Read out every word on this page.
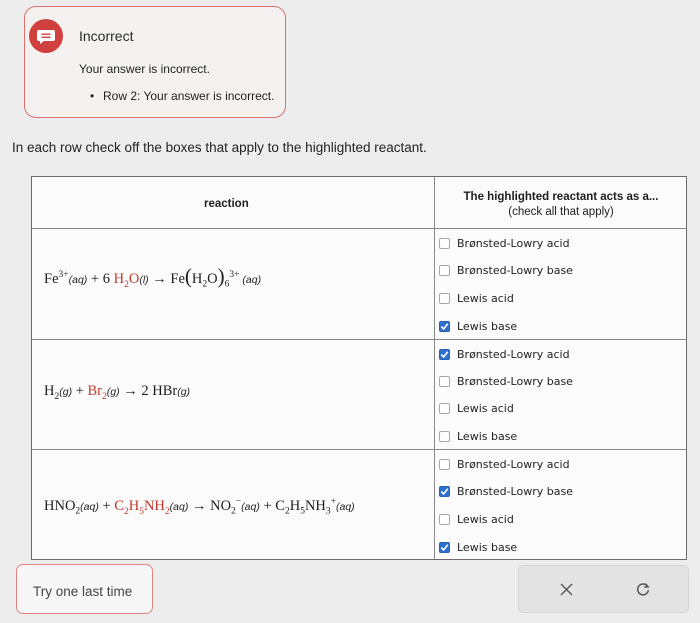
Incorrect
Your answer is incorrect.
• Row 2: Your answer is incorrect.
In each row check off the boxes that apply to the highlighted reactant.
reaction
The highlighted reactant acts as a...
(check all that apply)
$Fe^{3+}(aq) + 6$ $H_2O(l) \to Fe(H_2O)_6^{3+}$ (aq)
$H_2(g) + Br_2(g) \to 2$ HBr(g)
$HNO_2(aq) + C_2H_5NH_2(aq) \to NO_2^-(aq) + C_2H_5NH_3^+(aq)$
Brønsted-Lowry acid
Brønsted-Lowry base
Lewis acid
Lewis base
Brønsted-Lowry acid
Brønsted-Lowry base
Lewis acid
Lewis base
Brønsted-Lowry acid
Brønsted-Lowry base
Lewis acid
Lewis base
Try one last time
